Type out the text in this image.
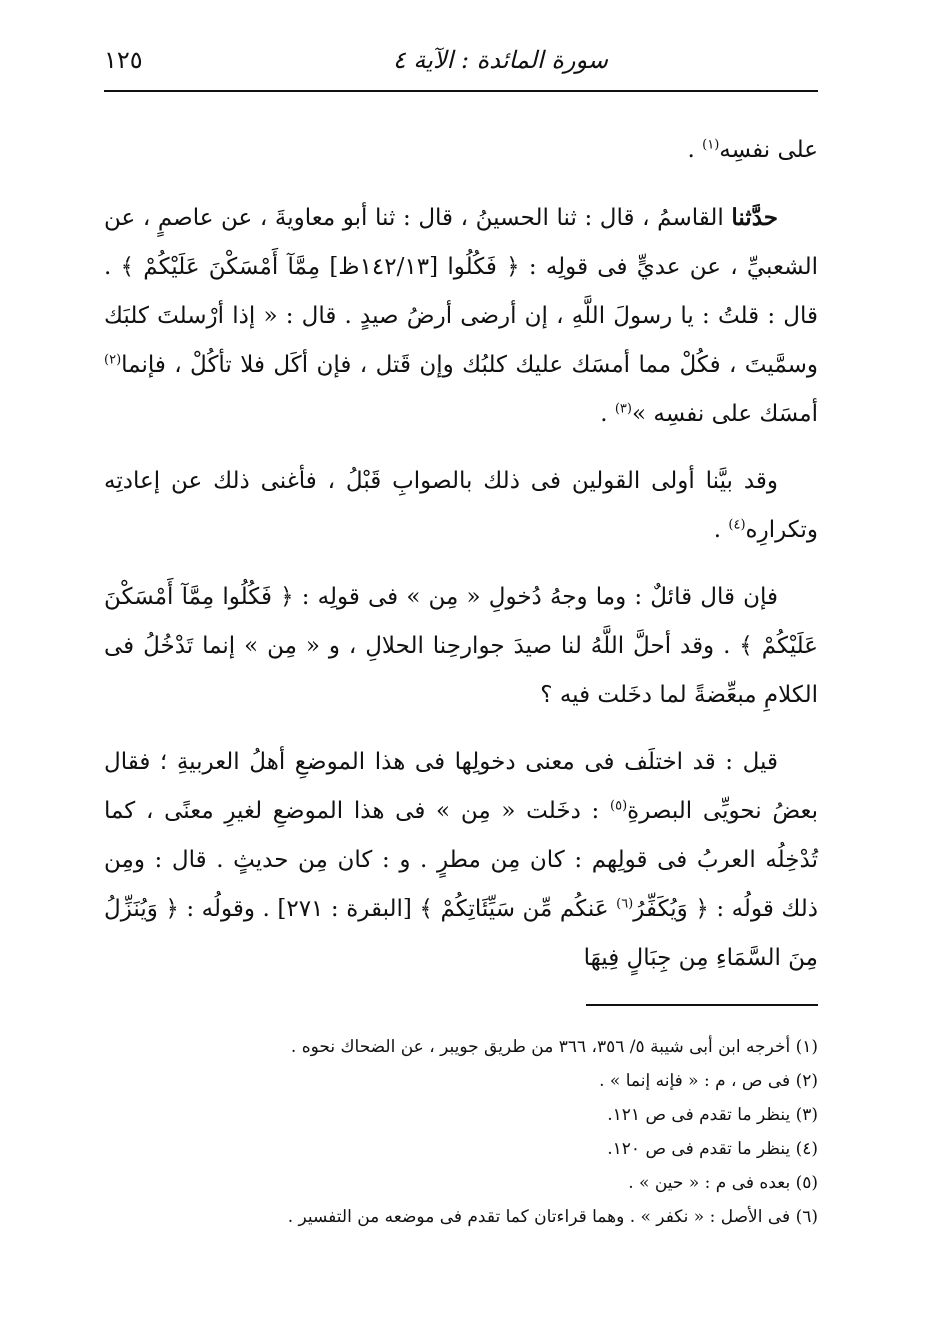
سورة المائدة : الآية ٤
١٢٥

على نفسِه$^{(١)}$ .

حدَّثنا القاسمُ ، قال : ثنا الحسينُ ، قال : ثنا أبو معاويةَ ، عن عاصمٍ ، عن الشعبيِّ ، عن عديٍّ فى قولِه : ﴿ فَكُلُوا [١٤٢/١٣ظ] مِمَّآ أَمْسَكْنَ عَلَيْكُمْ ﴾ . قال : قلتُ : يا رسولَ اللَّهِ ، إن أرضى أرضُ صيدٍ . قال : « إذا أرْسلتَ كلبَك وسمَّيتَ ، فكُلْ مما أمسَك عليك كلبُك وإن قَتل ، فإن أكَل فلا تأكُلْ ، فإنما$^{(٢)}$ أمسَك على نفسِه »$^{(٣)}$ .

وقد بيَّنا أولى القولين فى ذلك بالصوابِ قَبْلُ ، فأغنى ذلك عن إعادتِه وتكرارِه$^{(٤)}$ .

فإن قال قائلٌ : وما وجهُ دُخولِ « مِن » فى قولِه : ﴿ فَكُلُوا مِمَّآ أَمْسَكْنَ عَلَيْكُمْ ﴾ . وقد أحلَّ اللَّهُ لنا صيدَ جوارحِنا الحلالِ ، و « مِن » إنما تَدْخُلُ فى الكلامِ مبعِّضةً لما دخَلت فيه ؟

قيل : قد اختلَف فى معنى دخولِها فى هذا الموضعِ أهلُ العربيةِ ؛ فقال بعضُ نحويِّى البصرةِ$^{(٥)}$ : دخَلت « مِن » فى هذا الموضعِ لغيرِ معنًى ، كما تُدْخِلُه العربُ فى قولِهم : كان مِن مطرٍ . و : كان مِن حديثٍ . قال : ومِن ذلك قولُه : ﴿ وَيُكَفِّرُ$^{(٦)}$ عَنكُم مِّن سَيِّئَاتِكُمْ ﴾ [البقرة : ٢٧١] . وقولُه : ﴿ وَيُنَزِّلُ مِنَ السَّمَاءِ مِن جِبَالٍ فِيهَا

(١) أخرجه ابن أبى شيبة ٥/ ٣٥٦، ٣٦٦ من طريق جويبر ، عن الضحاك نحوه .

(٢) فى ص ، م : « فإنه إنما » .

(٣) ينظر ما تقدم فى ص ١٢١.

(٤) ينظر ما تقدم فى ص ١٢٠.

(٥) بعده فى م : « حين » .

(٦) فى الأصل : « نكفر » . وهما قراءتان كما تقدم فى موضعه من التفسير .
